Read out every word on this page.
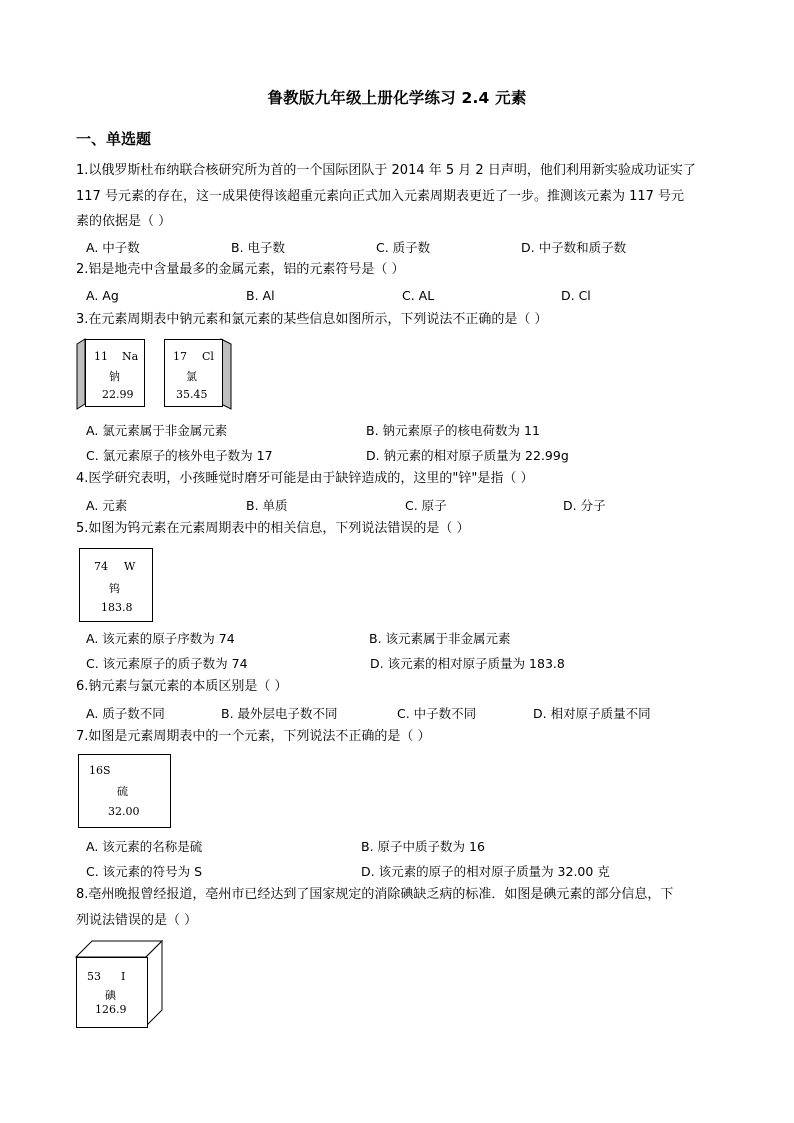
鲁教版九年级上册化学练习 2.4 元素
一、单选题
1.以俄罗斯杜布纳联合核研究所为首的一个国际团队于 2014 年 5 月 2 日声明，他们利用新实验成功证实了
117 号元素的存在，这一成果使得该超重元素向正式加入元素周期表更近了一步。推测该元素为 117 号元
素的依据是（ ）
A. 中子数	B. 电子数	C. 质子数	D. 中子数和质子数
2.铝是地壳中含量最多的金属元素，铝的元素符号是（ ）
A. Ag	B. Al	C. AL	D. Cl
3.在元素周期表中钠元素和氯元素的某些信息如图所示，下列说法不正确的是（ ）
11 Na
钠
22.99
17 Cl
氯
35.45
A. 氯元素属于非金属元素	B. 钠元素原子的核电荷数为 11
C. 氯元素原子的核外电子数为 17	D. 钠元素的相对原子质量为 22.99g
4.医学研究表明，小孩睡觉时磨牙可能是由于缺锌造成的，这里的"锌"是指（ ）
A. 元素	B. 单质	C. 原子	D. 分子
5.如图为钨元素在元素周期表中的相关信息，下列说法错误的是（ ）
74 W
钨
183.8
A. 该元素的原子序数为 74	B. 该元素属于非金属元素
C. 该元素原子的质子数为 74	D. 该元素的相对原子质量为 183.8
6.钠元素与氯元素的本质区别是（ ）
A. 质子数不同	B. 最外层电子数不同	C. 中子数不同	D. 相对原子质量不同
7.如图是元素周期表中的一个元素，下列说法不正确的是（ ）
16S
硫
32.00
A. 该元素的名称是硫	B. 原子中质子数为 16
C. 该元素的符号为 S	D. 该元素的原子的相对原子质量为 32.00 克
8.亳州晚报曾经报道，亳州市已经达到了国家规定的消除碘缺乏病的标准．如图是碘元素的部分信息，下
列说法错误的是（ ）
53 I
碘
126.9
